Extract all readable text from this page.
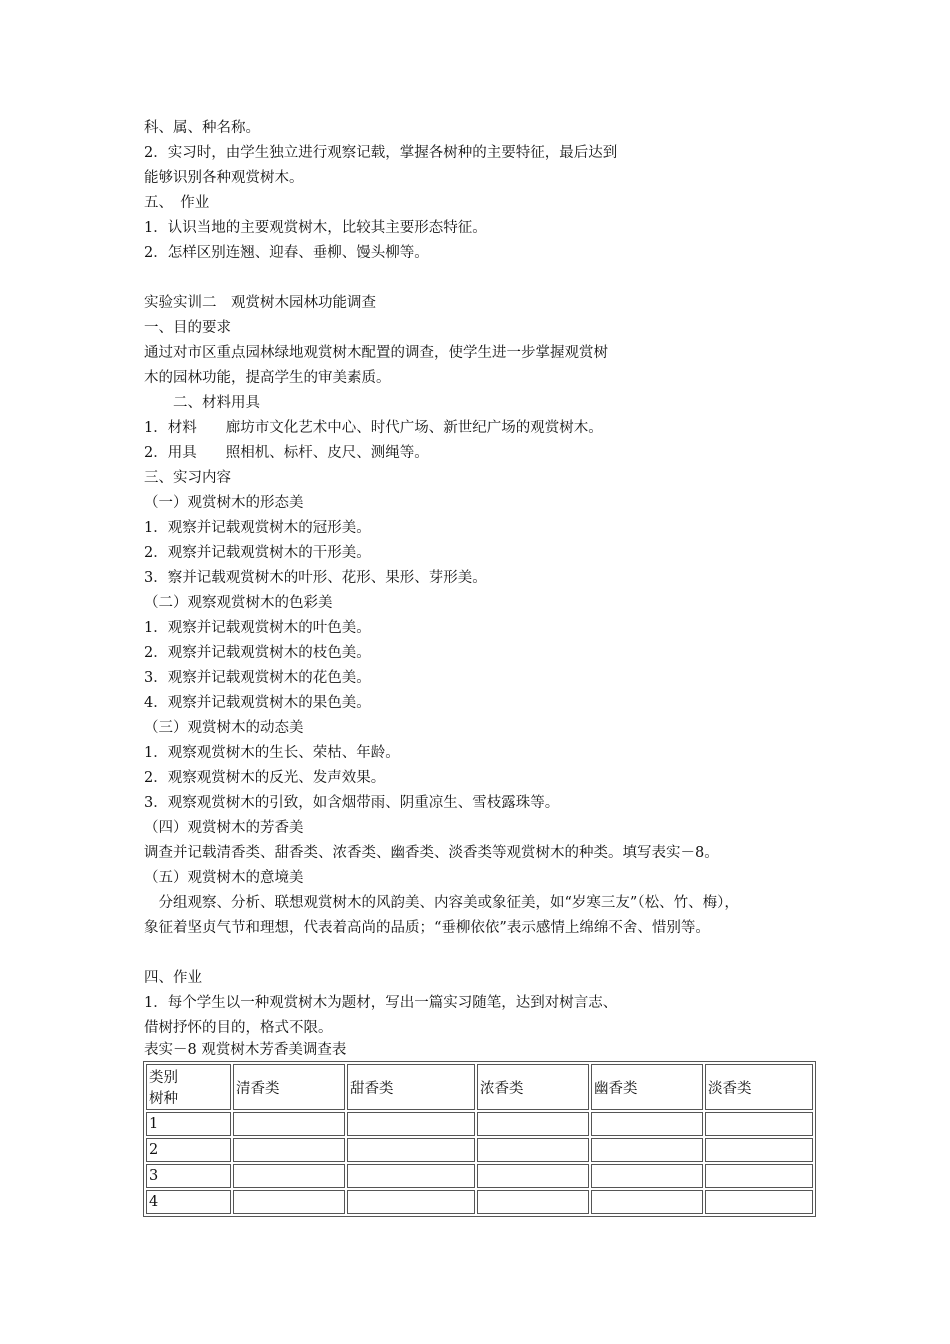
科、属、种名称。
2．实习时，由学生独立进行观察记载，掌握各树种的主要特征，最后达到
能够识别各种观赏树木。
五、　作业
1．认识当地的主要观赏树木，比较其主要形态特征。
2．怎样区别连翘、迎春、垂柳、馒头柳等。
实验实训二　观赏树木园林功能调查
一、目的要求
通过对市区重点园林绿地观赏树木配置的调查，使学生进一步掌握观赏树
木的园林功能，提高学生的审美素质。
　　二、材料用具
1．材料　　廊坊市文化艺术中心、时代广场、新世纪广场的观赏树木。
2．用具　　照相机、标杆、皮尺、测绳等。
三、实习内容
（一）观赏树木的形态美
1．观察并记载观赏树木的冠形美。
2．观察并记载观赏树木的干形美。
3．察并记载观赏树木的叶形、花形、果形、芽形美。
（二）观察观赏树木的色彩美
1．观察并记载观赏树木的叶色美。
2．观察并记载观赏树木的枝色美。
3．观察并记载观赏树木的花色美。
4．观察并记载观赏树木的果色美。
（三）观赏树木的动态美
1．观察观赏树木的生长、荣枯、年龄。
2．观察观赏树木的反光、发声效果。
3．观察观赏树木的引致，如含烟带雨、阴重凉生、雪枝露珠等。
（四）观赏树木的芳香美
调查并记载清香类、甜香类、浓香类、幽香类、淡香类等观赏树木的种类。填写表实－8。
（五）观赏树木的意境美
　分组观察、分析、联想观赏树木的风韵美、内容美或象征美，如“岁寒三友”（松、竹、梅），
象征着坚贞气节和理想，代表着高尚的品质；“垂柳依依”表示感情上绵绵不舍、惜别等。
四、作业
1．每个学生以一种观赏树木为题材，写出一篇实习随笔，达到对树言志、
借树抒怀的目的，格式不限。
表实－8 观赏树木芳香美调查表
类别
树种	清香类	甜香类	浓香类	幽香类	淡香类
1					
2					
3					
4					
